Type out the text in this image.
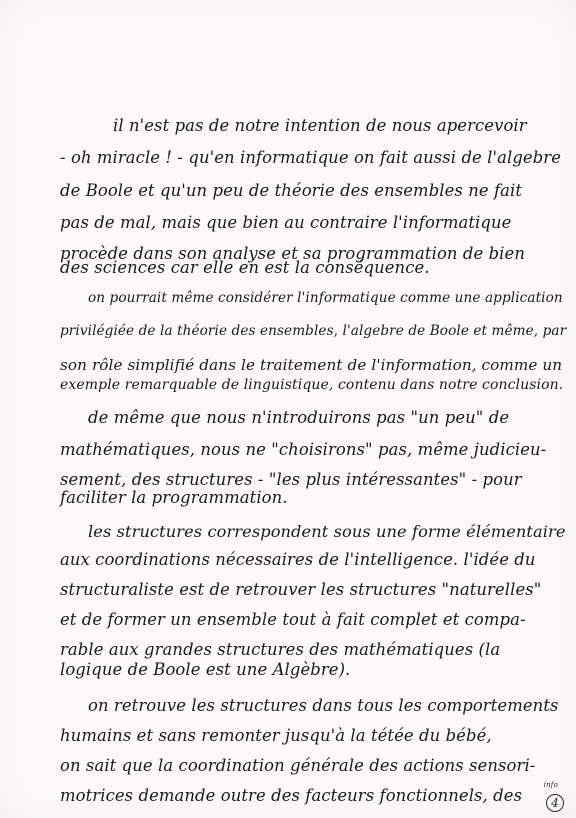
il n'est pas de notre intention de nous apercevoir
- oh miracle ! - qu'en informatique on fait aussi de l'algebre
de Boole et qu'un peu de théorie des ensembles ne fait
pas de mal, mais que bien au contraire l'informatique
procède dans son analyse et sa programmation de bien
des sciences car elle en est la conséquence.
on pourrait même considérer l'informatique comme une application
privilégiée de la théorie des ensembles, l'algebre de Boole et même, par
son rôle simplifié dans le traitement de l'information, comme un
exemple remarquable de linguistique, contenu dans notre conclusion.
de même que nous n'introduirons pas "un peu" de
mathématiques, nous ne "choisirons" pas, même judicieu-
sement, des structures - "les plus intéressantes" - pour
faciliter la programmation.
les structures correspondent sous une forme élémentaire
aux coordinations nécessaires de l'intelligence. l'idée du
structuraliste est de retrouver les structures "naturelles"
et de former un ensemble tout à fait complet et compa-
rable aux grandes structures des mathématiques (la
logique de Boole est une Algèbre).
on retrouve les structures dans tous les comportements
humains et sans remonter jusqu'à la tétée du bébé,
on sait que la coordination générale des actions sensori-
motrices demande outre des facteurs fonctionnels, des
info
4
